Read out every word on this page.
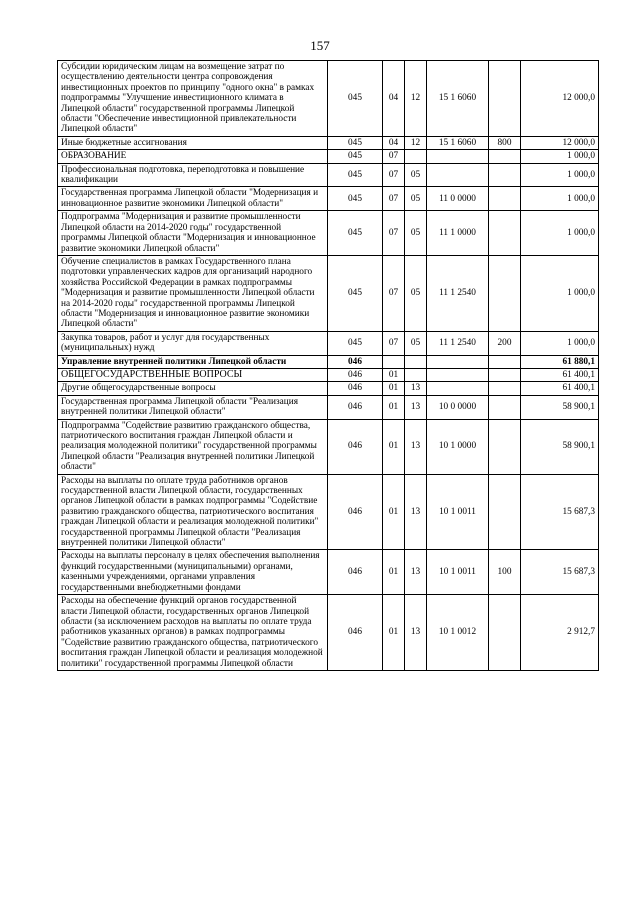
157
Субсидии юридическим лицам на возмещение затрат по осуществлению деятельности центра сопровождения инвестиционных проектов по принципу "одного окна" в рамках подпрограммы "Улучшение инвестиционного климата в Липецкой области" государственной программы Липецкой области "Обеспечение инвестиционной привлекательности Липецкой области"	045	04	12	15 1 6060		12 000,0
Иные бюджетные ассигнования	045	04	12	15 1 6060	800	12 000,0
ОБРАЗОВАНИЕ	045	07				1 000,0
Профессиональная подготовка, переподготовка и повышение квалификации	045	07	05			1 000,0
Государственная программа Липецкой области "Модернизация и инновационное развитие экономики Липецкой области"	045	07	05	11 0 0000		1 000,0
Подпрограмма "Модернизация и развитие промышленности Липецкой области на 2014-2020 годы" государственной программы Липецкой области "Модернизация и инновационное развитие экономики Липецкой области"	045	07	05	11 1 0000		1 000,0
Обучение специалистов в рамках Государственного плана подготовки управленческих кадров для организаций народного хозяйства Российской Федерации в рамках подпрограммы "Модернизация и развитие промышленности Липецкой области на 2014-2020 годы" государственной программы Липецкой области "Модернизация и инновационное развитие экономики Липецкой области"	045	07	05	11 1 2540		1 000,0
Закупка товаров, работ и услуг для государственных (муниципальных) нужд	045	07	05	11 1 2540	200	1 000,0
Управление внутренней политики Липецкой области	046					61 880,1
ОБЩЕГОСУДАРСТВЕННЫЕ ВОПРОСЫ	046	01				61 400,1
Другие общегосударственные вопросы	046	01	13			61 400,1
Государственная программа Липецкой области "Реализация внутренней политики Липецкой области"	046	01	13	10 0 0000		58 900,1
Подпрограмма "Содействие развитию гражданского общества, патриотического воспитания граждан Липецкой области и реализация молодежной политики" государственной программы Липецкой области "Реализация внутренней политики Липецкой области"	046	01	13	10 1 0000		58 900,1
Расходы на выплаты по оплате труда работников органов государственной власти Липецкой области, государственных органов Липецкой области в рамках подпрограммы "Содействие развитию гражданского общества, патриотического воспитания граждан Липецкой области и реализация молодежной политики" государственной программы Липецкой области "Реализация внутренней политики Липецкой области"	046	01	13	10 1 0011		15 687,3
Расходы на выплаты персоналу в целях обеспечения выполнения функций государственными (муниципальными) органами, казенными учреждениями, органами управления государственными внебюджетными фондами	046	01	13	10 1 0011	100	15 687,3
Расходы на обеспечение функций органов государственной власти Липецкой области, государственных органов Липецкой области (за исключением расходов на выплаты по оплате труда работников указанных органов) в рамках подпрограммы "Содействие развитию гражданского общества, патриотического воспитания граждан Липецкой области и реализация молодежной политики" государственной программы Липецкой области	046	01	13	10 1 0012		2 912,7
